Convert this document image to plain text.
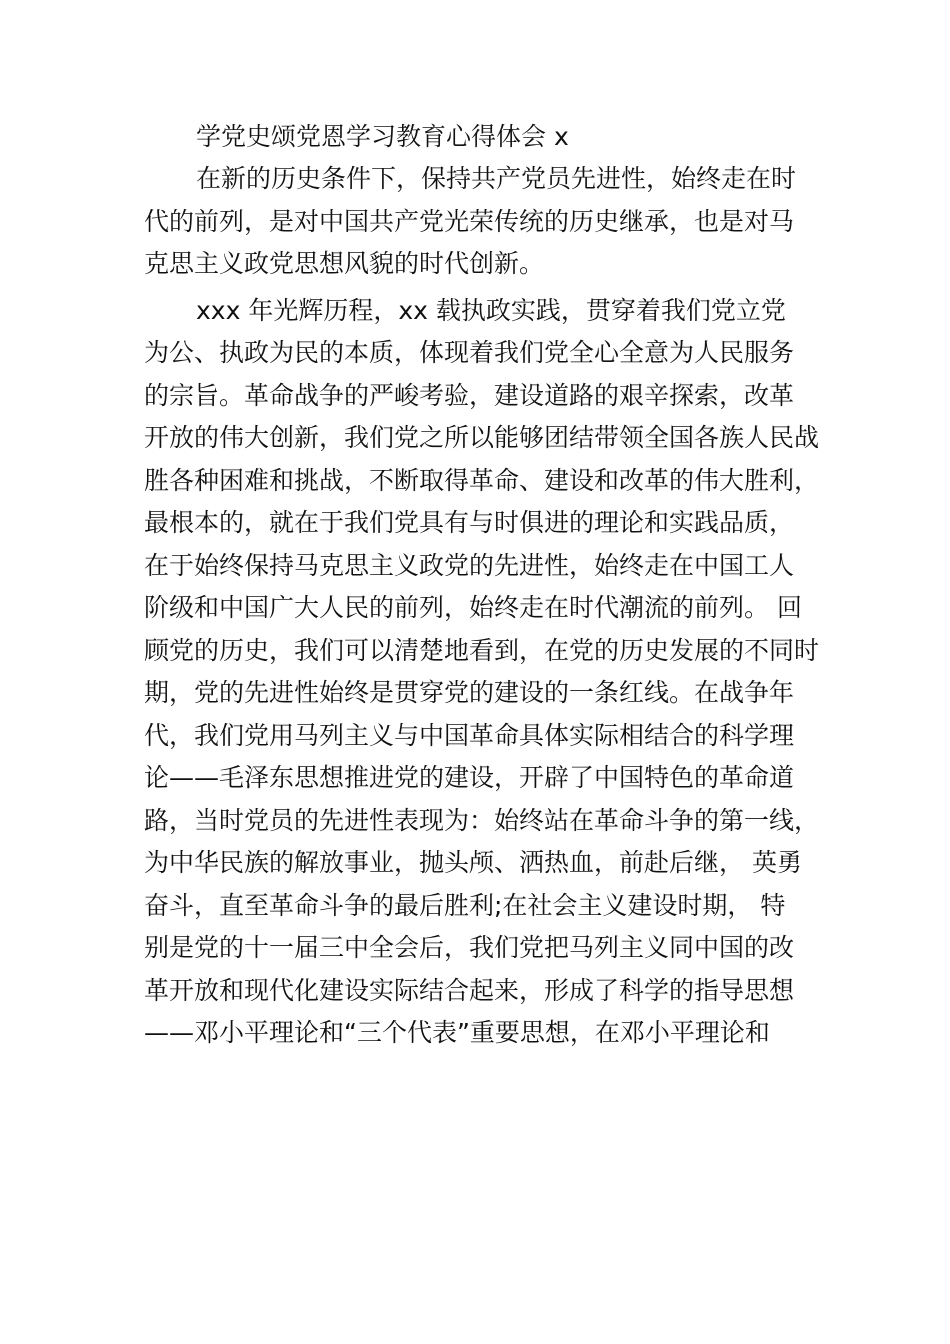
学党史颂党恩学习教育心得体会 x

在新的历史条件下，保持共产党员先进性，始终走在时
代的前列，是对中国共产党光荣传统的历史继承，也是对马
克思主义政党思想风貌的时代创新。
xxx 年光辉历程，xx 载执政实践，贯穿着我们党立党
为公、执政为民的本质，体现着我们党全心全意为人民服务
的宗旨。革命战争的严峻考验，建设道路的艰辛探索，改革
开放的伟大创新，我们党之所以能够团结带领全国各族人民战
胜各种困难和挑战，不断取得革命、建设和改革的伟大胜利，
最根本的，就在于我们党具有与时俱进的理论和实践品质，
在于始终保持马克思主义政党的先进性，始终走在中国工人
阶级和中国广大人民的前列，始终走在时代潮流的前列。 回
顾党的历史，我们可以清楚地看到，在党的历史发展的不同时
期，党的先进性始终是贯穿党的建设的一条红线。在战争年
代，我们党用马列主义与中国革命具体实际相结合的科学理
论——毛泽东思想推进党的建设，开辟了中国特色的革命道
路，当时党员的先进性表现为：始终站在革命斗争的第一线，
为中华民族的解放事业，抛头颅、洒热血，前赴后继， 英勇
奋斗，直至革命斗争的最后胜利;在社会主义建设时期， 特
别是党的十一届三中全会后，我们党把马列主义同中国的改
革开放和现代化建设实际结合起来，形成了科学的指导思想
——邓小平理论和“三个代表”重要思想，在邓小平理论和
